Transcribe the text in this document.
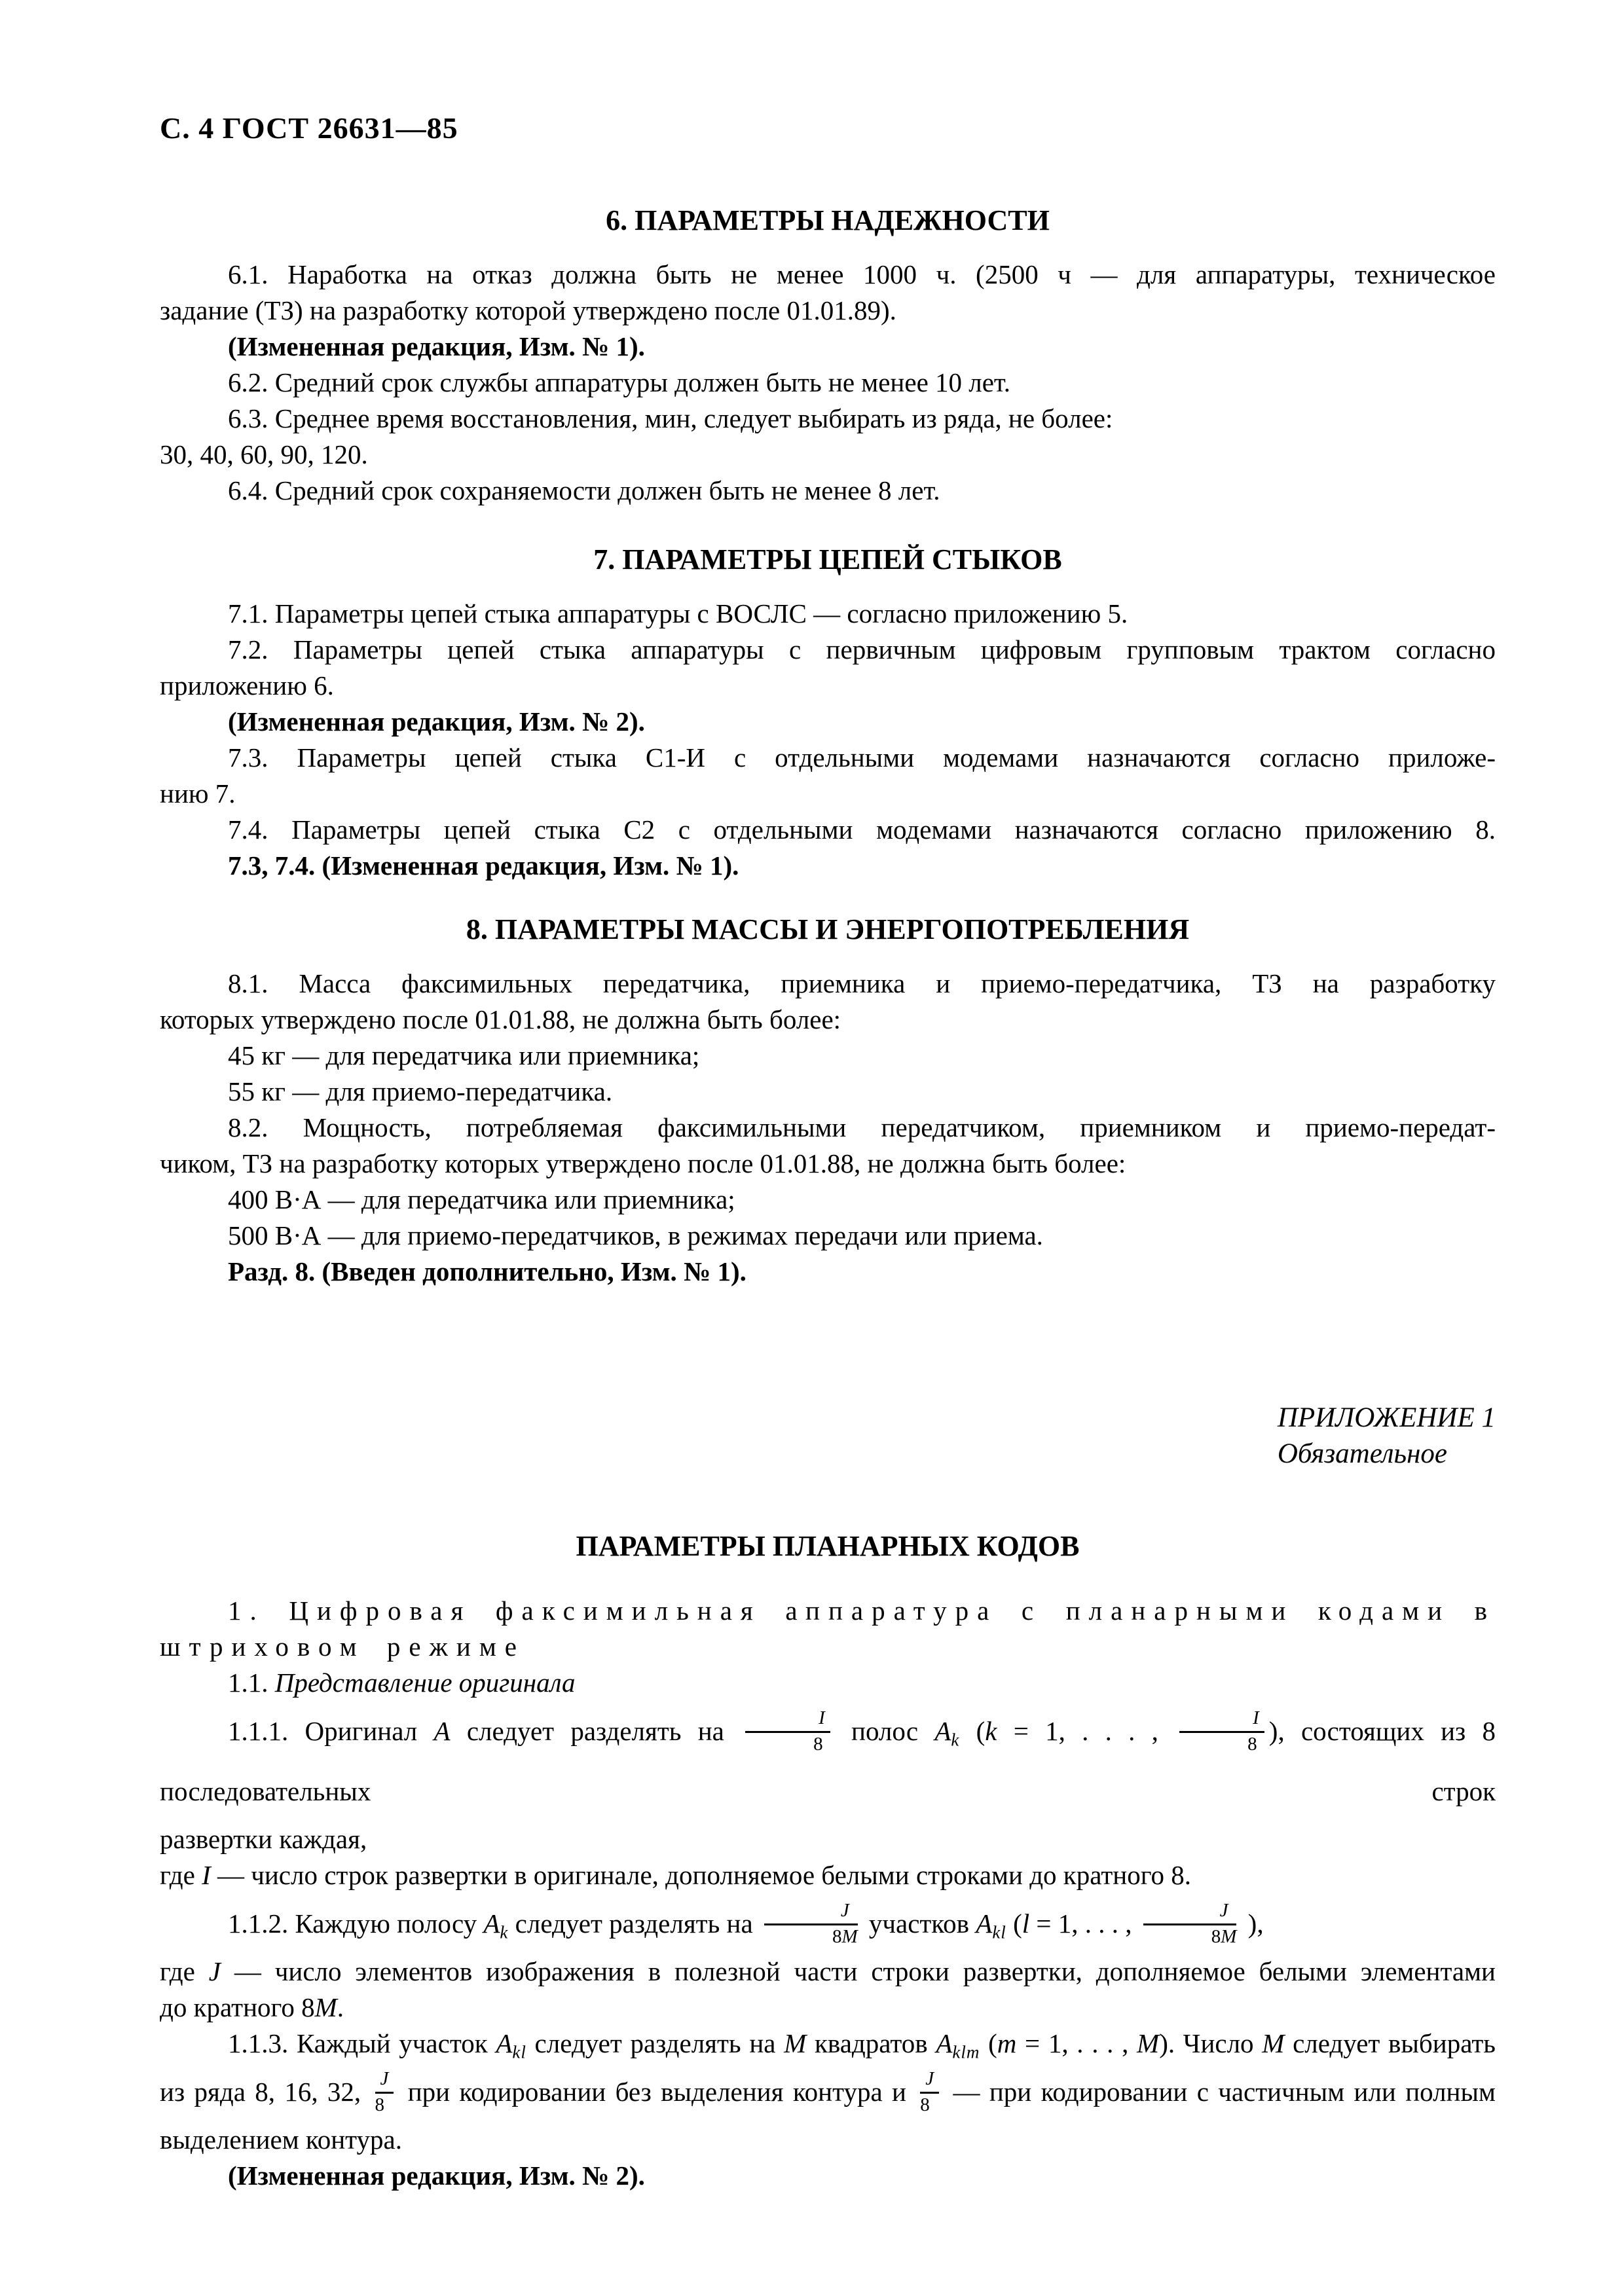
С. 4 ГОСТ 26631—85
6. ПАРАМЕТРЫ НАДЕЖНОСТИ
6.1. Наработка на отказ должна быть не менее 1000 ч. (2500 ч — для аппаратуры, техническое
задание (ТЗ) на разработку которой утверждено после 01.01.89).
(Измененная редакция, Изм. № 1).
6.2. Средний срок службы аппаратуры должен быть не менее 10 лет.
6.3. Среднее время восстановления, мин, следует выбирать из ряда, не более:
30, 40, 60, 90, 120.
6.4. Средний срок сохраняемости должен быть не менее 8 лет.
7. ПАРАМЕТРЫ ЦЕПЕЙ СТЫКОВ
7.1. Параметры цепей стыка аппаратуры с ВОСЛС — согласно приложению 5.
7.2. Параметры цепей стыка аппаратуры с первичным цифровым групповым трактом согласно
приложению 6.
(Измененная редакция, Изм. № 2).
7.3. Параметры цепей стыка С1-И с отдельными модемами назначаются согласно приложе-
нию 7.
7.4. Параметры цепей стыка С2 с отдельными модемами назначаются согласно приложению 8.
7.3, 7.4. (Измененная редакция, Изм. № 1).
8. ПАРАМЕТРЫ МАССЫ И ЭНЕРГОПОТРЕБЛЕНИЯ
8.1. Масса факсимильных передатчика, приемника и приемо-передатчика, ТЗ на разработку
которых утверждено после 01.01.88, не должна быть более:
45 кг — для передатчика или приемника;
55 кг — для приемо-передатчика.
8.2. Мощность, потребляемая факсимильными передатчиком, приемником и приемо-передат-
чиком, ТЗ на разработку которых утверждено после 01.01.88, не должна быть более:
400 В·А — для передатчика или приемника;
500 В·А — для приемо-передатчиков, в режимах передачи или приема.
Разд. 8. (Введен дополнительно, Изм. № 1).
ПРИЛОЖЕНИЕ 1
Обязательное
ПАРАМЕТРЫ ПЛАНАРНЫХ КОДОВ
1. Цифровая факсимильная аппаратура с планарными кодами в
штриховом режиме
1.1. Представление оригинала
1.1.1. Оригинал A следует разделять на $\frac{I}{8}$ полос $A_k$ (k = 1, . . . , $\frac{I}{8}$ ), состоящих из 8 последовательных строк
развертки каждая,
где I — число строк развертки в оригинале, дополняемое белыми строками до кратного 8.
1.1.2. Каждую полосу $A_k$ следует разделять на $\frac{J}{8M}$ участков $A_{kl}$ (l = 1, . . . , $\frac{J}{8M}$ ),
где J — число элементов изображения в полезной части строки развертки, дополняемое белыми элементами
до кратного 8M.
1.1.3. Каждый участок $A_{kl}$ следует разделять на M квадратов $A_{klm}$ (m = 1, . . . , M). Число M следует выбирать
из ряда 8, 16, 32, $\frac{J}{8}$ при кодировании без выделения контура и $\frac{J}{8}$ — при кодировании с частичным или полным
выделением контура.
(Измененная редакция, Изм. № 2).
